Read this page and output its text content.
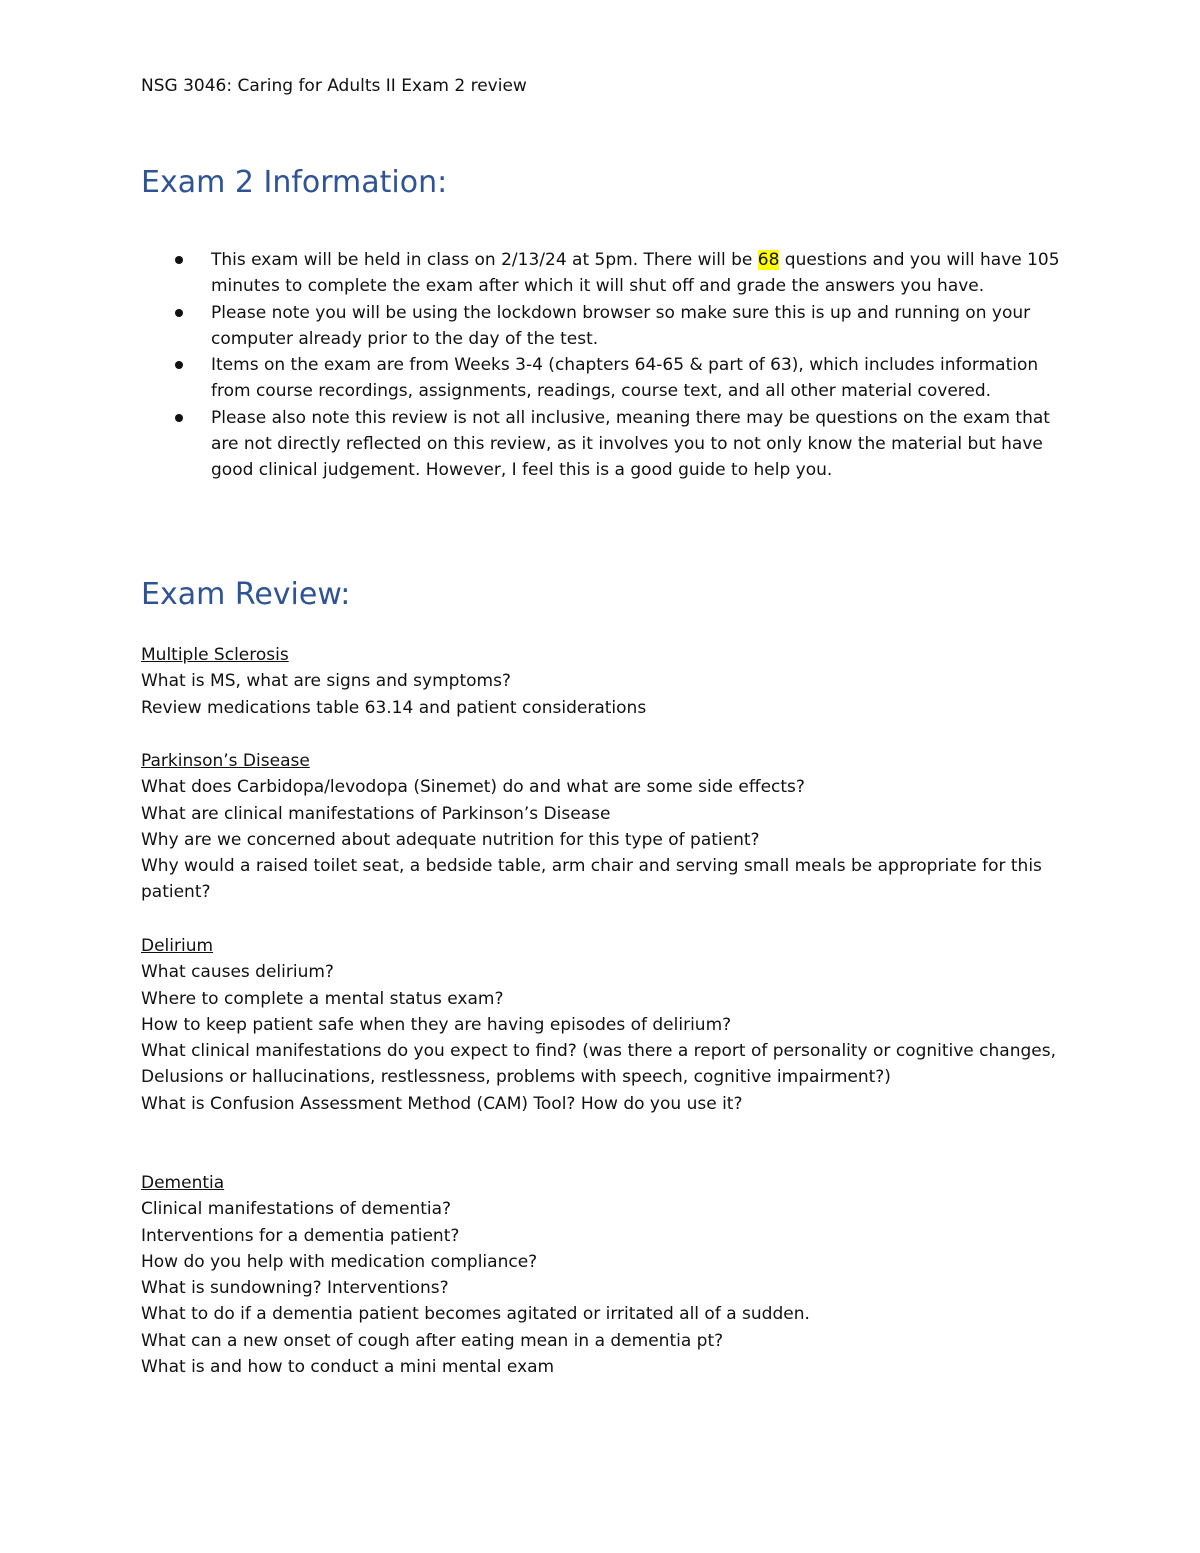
NSG 3046: Caring for Adults II Exam 2 review
Exam 2 Information:
This exam will be held in class on 2/13/24 at 5pm. There will be 68 questions and you will have 105 minutes to complete the exam after which it will shut off and grade the answers you have.
Please note you will be using the lockdown browser so make sure this is up and running on your computer already prior to the day of the test.
Items on the exam are from Weeks 3-4 (chapters 64-65 & part of 63), which includes information from course recordings, assignments, readings, course text, and all other material covered.
Please also note this review is not all inclusive, meaning there may be questions on the exam that are not directly reflected on this review, as it involves you to not only know the material but have good clinical judgement. However, I feel this is a good guide to help you.
Exam Review:
Multiple Sclerosis
What is MS, what are signs and symptoms?
Review medications table 63.14 and patient considerations
Parkinson’s Disease
What does Carbidopa/levodopa (Sinemet) do and what are some side effects?
What are clinical manifestations of Parkinson’s Disease
Why are we concerned about adequate nutrition for this type of patient?
Why would a raised toilet seat, a bedside table, arm chair and serving small meals be appropriate for this patient?
Delirium
What causes delirium?
Where to complete a mental status exam?
How to keep patient safe when they are having episodes of delirium?
What clinical manifestations do you expect to find? (was there a report of personality or cognitive changes, Delusions or hallucinations, restlessness, problems with speech, cognitive impairment?)
What is Confusion Assessment Method (CAM) Tool? How do you use it?
Dementia
Clinical manifestations of dementia?
Interventions for a dementia patient?
How do you help with medication compliance?
What is sundowning? Interventions?
What to do if a dementia patient becomes agitated or irritated all of a sudden.
What can a new onset of cough after eating mean in a dementia pt?
What is and how to conduct a mini mental exam
